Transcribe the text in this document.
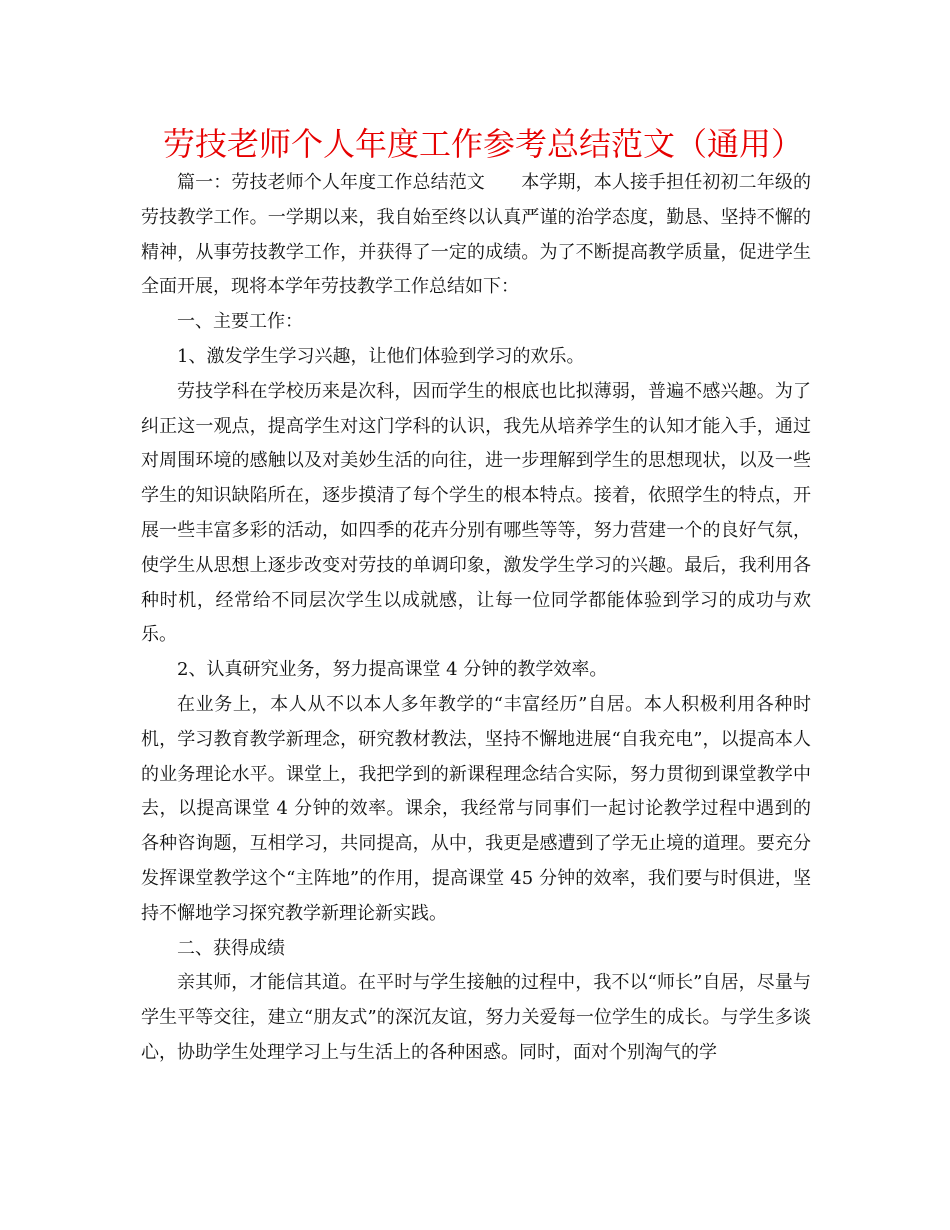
劳技老师个人年度工作参考总结范文（通用）

篇一：劳技老师个人年度工作总结范文　　本学期，本人接手担任初初二年级的劳技教学工作。一学期以来，我自始至终以认真严谨的治学态度，勤恳、坚持不懈的精神，从事劳技教学工作，并获得了一定的成绩。为了不断提高教学质量，促进学生全面开展，现将本学年劳技教学工作总结如下：

一、主要工作：

1、激发学生学习兴趣，让他们体验到学习的欢乐。

劳技学科在学校历来是次科，因而学生的根底也比拟薄弱，普遍不感兴趣。为了纠正这一观点，提高学生对这门学科的认识，我先从培养学生的认知才能入手，通过对周围环境的感触以及对美妙生活的向往，进一步理解到学生的思想现状，以及一些学生的知识缺陷所在，逐步摸清了每个学生的根本特点。接着，依照学生的特点，开展一些丰富多彩的活动，如四季的花卉分别有哪些等等，努力营建一个的良好气氛，使学生从思想上逐步改变对劳技的单调印象，激发学生学习的兴趣。最后，我利用各种时机，经常给不同层次学生以成就感，让每一位同学都能体验到学习的成功与欢乐。

2、认真研究业务，努力提高课堂 4 分钟的教学效率。

在业务上，本人从不以本人多年教学的“丰富经历”自居。本人积极利用各种时机，学习教育教学新理念，研究教材教法，坚持不懈地进展“自我充电”，以提高本人的业务理论水平。课堂上，我把学到的新课程理念结合实际，努力贯彻到课堂教学中去，以提高课堂 4 分钟的效率。课余，我经常与同事们一起讨论教学过程中遇到的各种咨询题，互相学习，共同提高，从中，我更是感遭到了学无止境的道理。要充分发挥课堂教学这个“主阵地”的作用，提高课堂 45 分钟的效率，我们要与时俱进，坚持不懈地学习探究教学新理论新实践。

二、获得成绩

亲其师，才能信其道。在平时与学生接触的过程中，我不以“师长”自居，尽量与学生平等交往，建立“朋友式”的深沉友谊，努力关爱每一位学生的成长。与学生多谈心，协助学生处理学习上与生活上的各种困惑。同时，面对个别淘气的学
